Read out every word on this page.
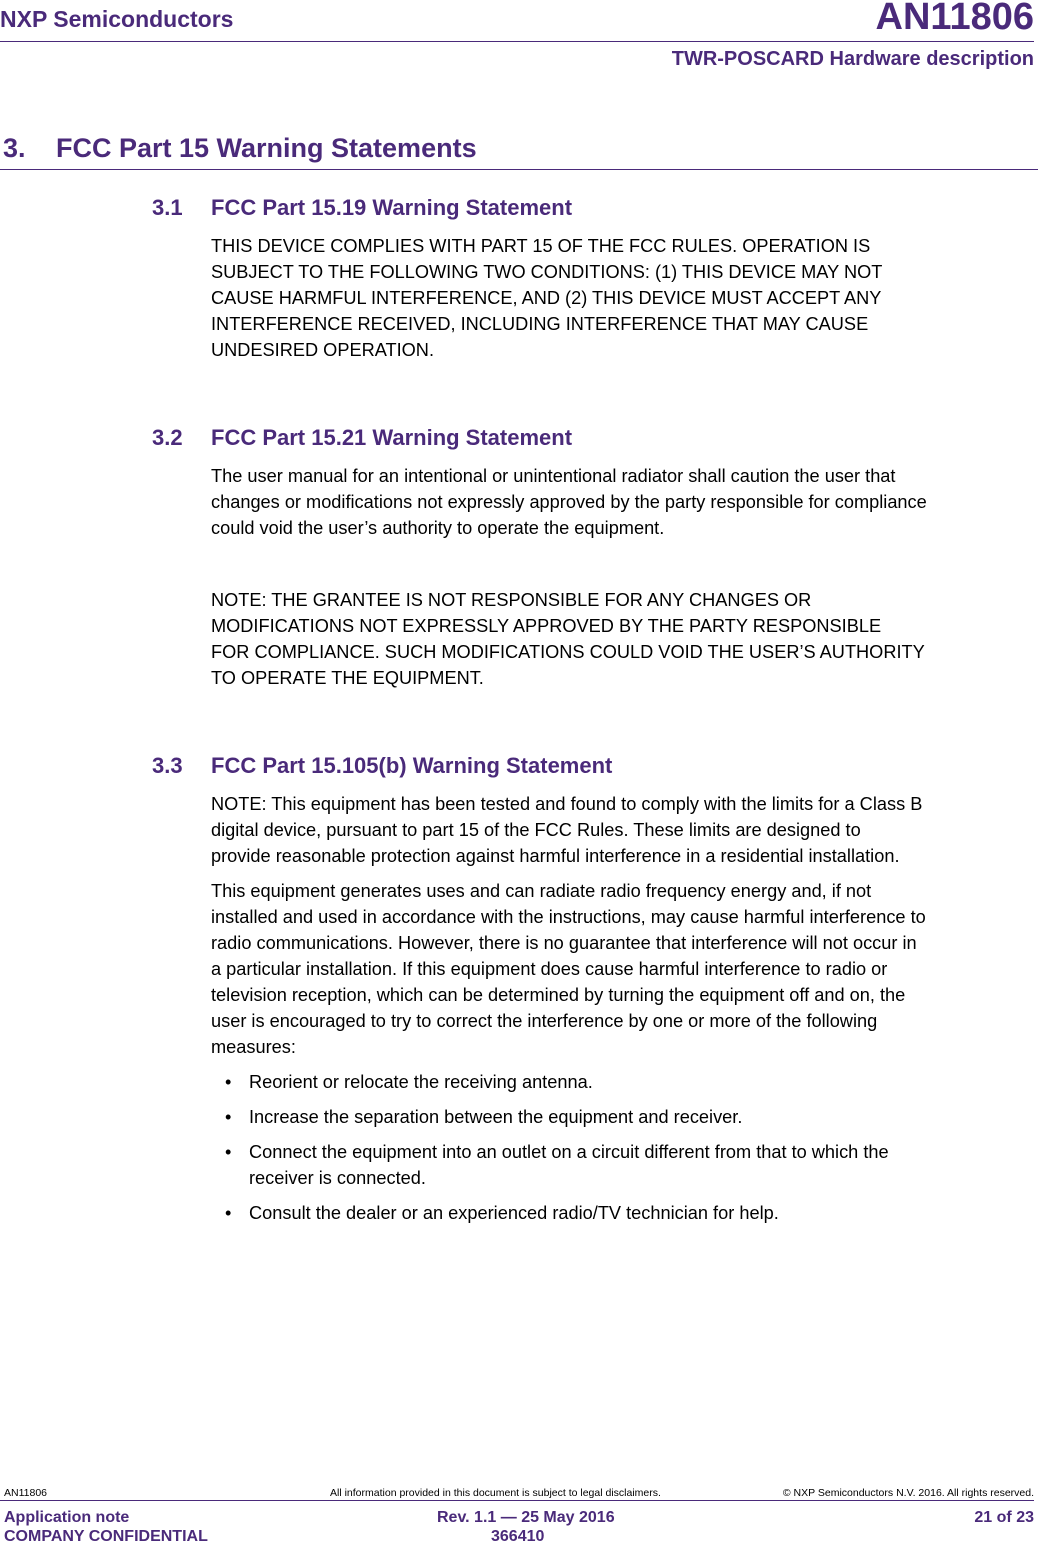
NXP Semiconductors	AN11806
TWR-POSCARD Hardware description
3. FCC Part 15 Warning Statements
3.1 FCC Part 15.19 Warning Statement
THIS DEVICE COMPLIES WITH PART 15 OF THE FCC RULES. OPERATION IS
SUBJECT TO THE FOLLOWING TWO CONDITIONS: (1) THIS DEVICE MAY NOT
CAUSE HARMFUL INTERFERENCE, AND (2) THIS DEVICE MUST ACCEPT ANY
INTERFERENCE RECEIVED, INCLUDING INTERFERENCE THAT MAY CAUSE
UNDESIRED OPERATION.
3.2 FCC Part 15.21 Warning Statement
The user manual for an intentional or unintentional radiator shall caution the user that
changes or modifications not expressly approved by the party responsible for compliance
could void the user’s authority to operate the equipment.
NOTE: THE GRANTEE IS NOT RESPONSIBLE FOR ANY CHANGES OR
MODIFICATIONS NOT EXPRESSLY APPROVED BY THE PARTY RESPONSIBLE
FOR COMPLIANCE. SUCH MODIFICATIONS COULD VOID THE USER’S AUTHORITY
TO OPERATE THE EQUIPMENT.
3.3 FCC Part 15.105(b) Warning Statement
NOTE: This equipment has been tested and found to comply with the limits for a Class B
digital device, pursuant to part 15 of the FCC Rules. These limits are designed to
provide reasonable protection against harmful interference in a residential installation.
This equipment generates uses and can radiate radio frequency energy and, if not
installed and used in accordance with the instructions, may cause harmful interference to
radio communications. However, there is no guarantee that interference will not occur in
a particular installation. If this equipment does cause harmful interference to radio or
television reception, which can be determined by turning the equipment off and on, the
user is encouraged to try to correct the interference by one or more of the following
measures:
• Reorient or relocate the receiving antenna.
• Increase the separation between the equipment and receiver.
• Connect the equipment into an outlet on a circuit different from that to which the
receiver is connected.
• Consult the dealer or an experienced radio/TV technician for help.
AN11806	All information provided in this document is subject to legal disclaimers.	© NXP Semiconductors N.V. 2016. All rights reserved.
Application note
COMPANY CONFIDENTIAL
Rev. 1.1 — 25 May 2016
366410
21 of 23
